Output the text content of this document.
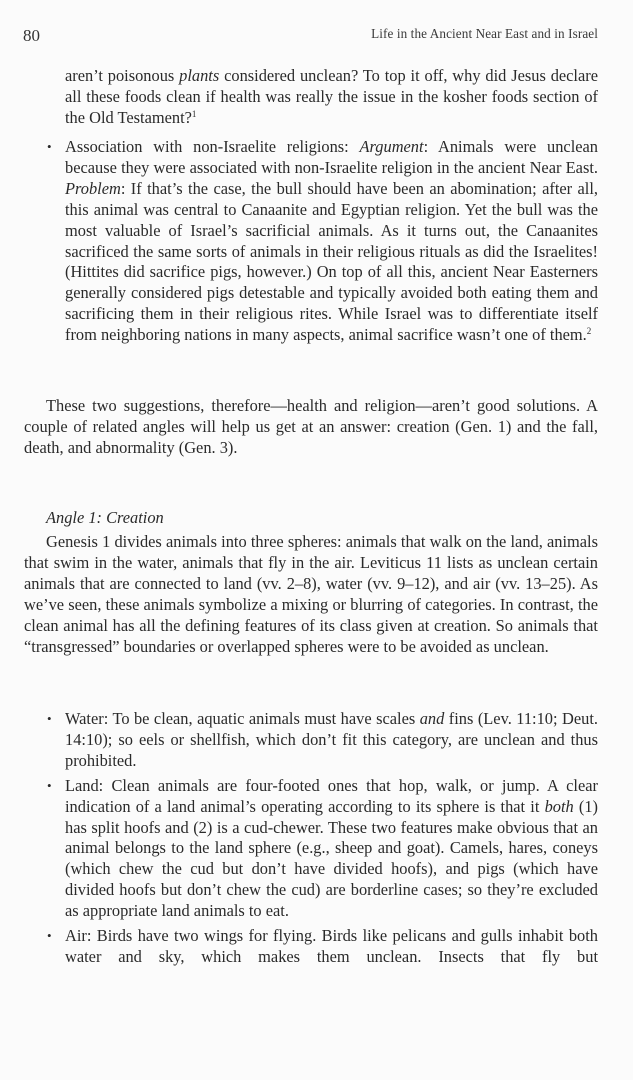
80	Life in the Ancient Near East and in Israel

aren’t poisonous plants considered unclean? To top it off, why did Jesus declare all these foods clean if health was really the issue in the kosher foods section of the Old Testament?$^1$

• Association with non-Israelite religions: Argument: Animals were unclean because they were associated with non-Israelite religion in the ancient Near East. Problem: If that’s the case, the bull should have been an abomination; after all, this animal was central to Canaanite and Egyptian religion. Yet the bull was the most valuable of Israel’s sacrificial animals. As it turns out, the Canaanites sacrificed the same sorts of animals in their religious rituals as did the Israelites! (Hittites did sacrifice pigs, however.) On top of all this, ancient Near Easterners generally considered pigs detestable and typically avoided both eating them and sacrificing them in their religious rites. While Israel was to differentiate itself from neighboring nations in many aspects, animal sacrifice wasn’t one of them.$^2$

These two suggestions, therefore—health and religion—aren’t good solutions. A couple of related angles will help us get at an answer: creation (Gen. 1) and the fall, death, and abnormality (Gen. 3).

Angle 1: Creation

Genesis 1 divides animals into three spheres: animals that walk on the land, animals that swim in the water, animals that fly in the air. Leviticus 11 lists as unclean certain animals that are connected to land (vv. 2–8), water (vv. 9–12), and air (vv. 13–25). As we’ve seen, these animals symbolize a mixing or blurring of categories. In contrast, the clean animal has all the defining features of its class given at creation. So animals that “transgressed” boundaries or overlapped spheres were to be avoided as unclean.

• Water: To be clean, aquatic animals must have scales and fins (Lev. 11:10; Deut. 14:10); so eels or shellfish, which don’t fit this category, are unclean and thus prohibited.

• Land: Clean animals are four-footed ones that hop, walk, or jump. A clear indication of a land animal’s operating according to its sphere is that it both (1) has split hoofs and (2) is a cud-chewer. These two features make obvious that an animal belongs to the land sphere (e.g., sheep and goat). Camels, hares, coneys (which chew the cud but don’t have divided hoofs), and pigs (which have divided hoofs but don’t chew the cud) are borderline cases; so they’re excluded as appropriate land animals to eat.

• Air: Birds have two wings for flying. Birds like pelicans and gulls inhabit both water and sky, which makes them unclean. Insects that fly but
